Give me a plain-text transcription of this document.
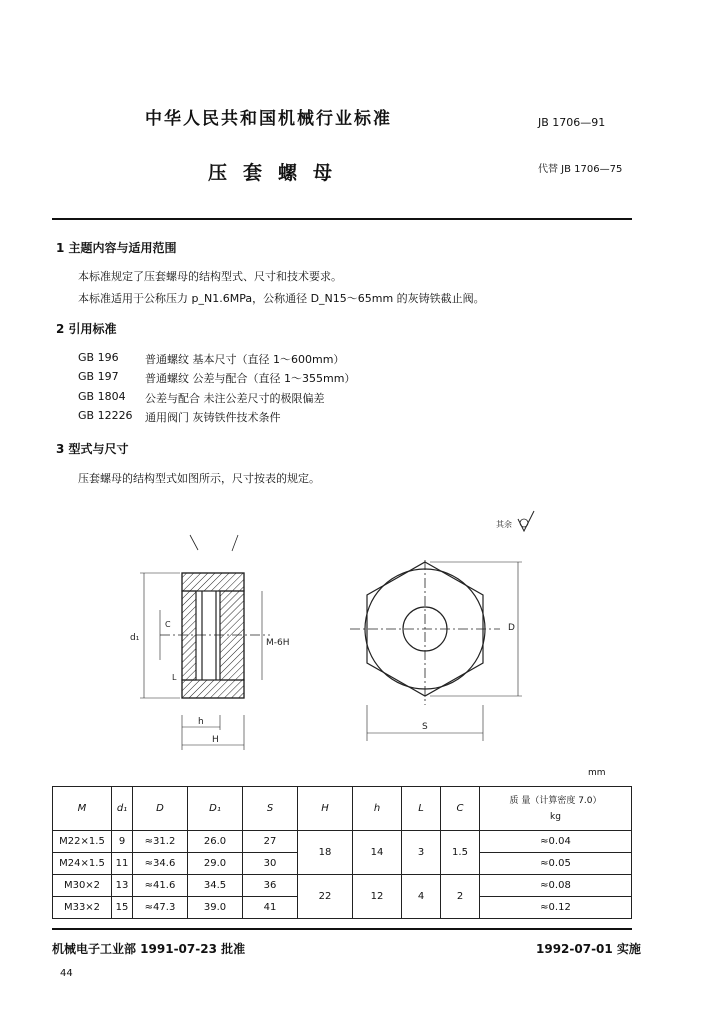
中华人民共和国机械行业标准	JB 1706—91
压套螺母	代替 JB 1706—75
1 主题内容与适用范围
本标准规定了压套螺母的结构型式、尺寸和技术要求。
本标准适用于公称压力 p_N1.6MPa，公称通径 D_N15～65mm 的灰铸铁截止阀。
2 引用标准
GB 196 普通螺纹 基本尺寸（直径 1～600mm）
GB 197 普通螺纹 公差与配合（直径 1～355mm）
GB 1804 公差与配合 未注公差尺寸的极限偏差
GB 12226 通用阀门 灰铸铁件技术条件
3 型式与尺寸
压套螺母的结构型式如图所示，尺寸按表的规定。
d₁	M-6H
h
H
C
L
D
S
其余
mm
M	d₁	D	D₁	S	H	h	L	C	质 量（计算密度 7.0）
kg

M22×1.5	9	≈31.2	26.0	27	18	14	3	1.5	≈0.04
M24×1.5	11	≈34.6	29.0	30					≈0.05
M30×2	13	≈41.6	34.5	36	22	12	4	2	≈0.08
M33×2	15	≈47.3	39.0	41					≈0.12
机械电子工业部 1991-07-23 批准	1992-07-01 实施
44
